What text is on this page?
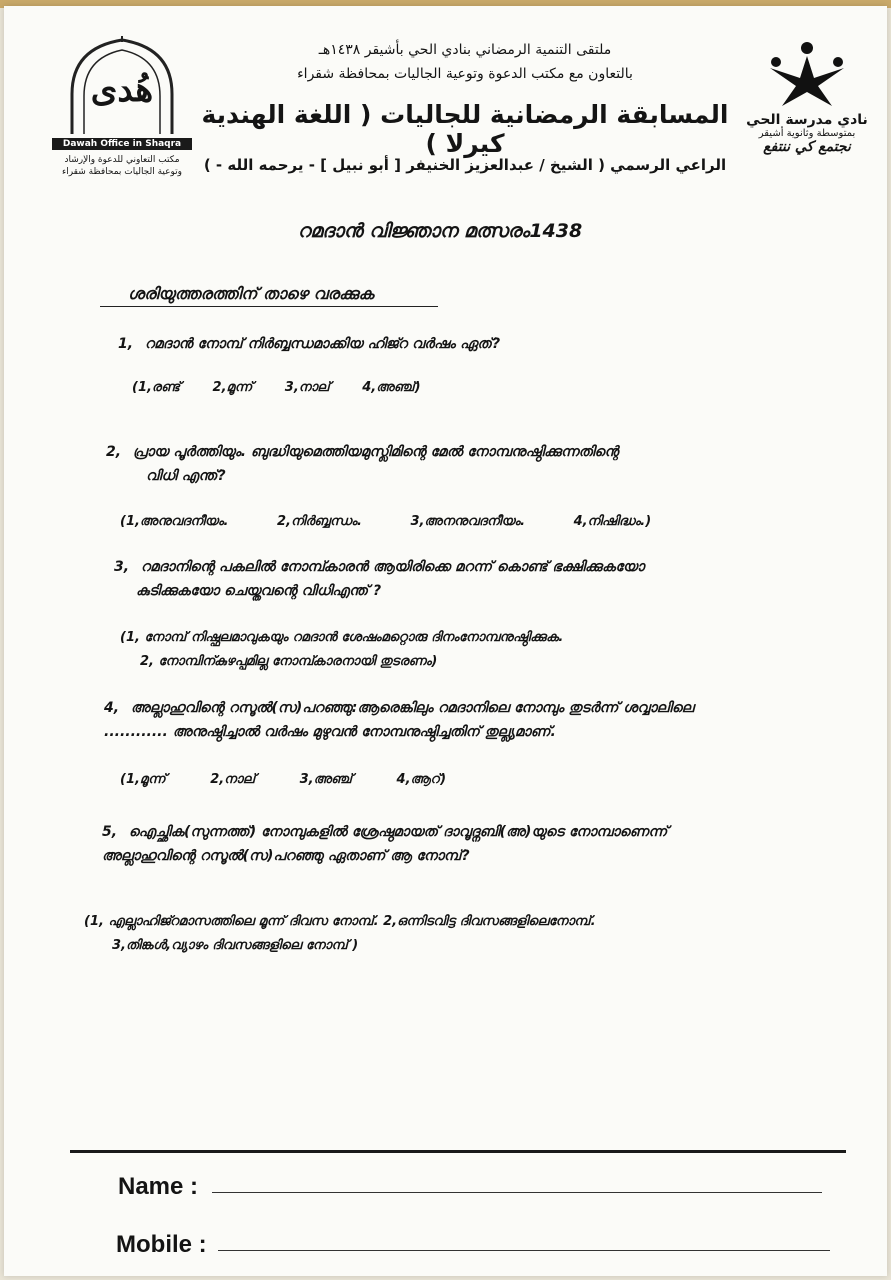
هُدى
Dawah Office in Shaqra
مكتب التعاوني للدعوة والإرشاد
وتوعية الجاليات بمحافظة شقراء
نادي مدرسة الحي
بمتوسطة وثانوية أشيقر
نجتمع كي ننتفع
ملتقى التنمية الرمضاني بنادي الحي بأشيقر ١٤٣٨هـ
بالتعاون مع مكتب الدعوة وتوعية الجاليات بمحافظة شقراء
المسابقة الرمضانية للجاليات ( اللغة الهندية كيرلا )
الراعي الرسمي ( الشيخ / عبدالعزيز الخنيفر [ أبو نبيل ] - يرحمه الله - )
റമദാൻ വിജ്ഞാന മത്സരം1438
ശരിയുത്തരത്തിന് താഴെ വരക്കുക
1, റമദാൻ നോമ്പ് നിർബ്ബന്ധമാക്കിയ ഹിജ്റ വർഷം ഏത്?
(1,രണ്ട്	2,മൂന്ന്	3,നാല്	4,അഞ്ച്)
2, പ്രായ പൂർത്തിയും. ബുദ്ധിയുമെത്തിയമുസ്ലിമിന്റെ മേൽ നോമ്പനുഷ്ഠിക്കുന്നതിന്റെ
വിധി എന്ത്?
(1,അനുവദനീയം.	2,നിർബ്ബന്ധം.	3,അനനുവദനീയം.	4,നിഷിദ്ധം.)
3, റമദാനിന്റെ പകലിൽ നോമ്പ്കാരൻ ആയിരിക്കെ മറന്ന് കൊണ്ട് ഭക്ഷിക്കുകയോ
കുടിക്കുകയോ ചെയ്തവന്റെ വിധിഎന്ത് ?
(1, നോമ്പ് നിഷ്ഫലമാവുകയും റമദാൻ ശേഷംമറ്റൊരു ദിനംനോമ്പനുഷ്ഠിക്കുക.
2, നോമ്പിന്കുഴപ്പമില്ല നോമ്പ്കാരനായി തുടരണം)
4, അല്ലാഹുവിന്റെ റസൂൽ(സ)പറഞ്ഞു:ആരെങ്കിലും റമദാനിലെ നോമ്പും തുടർന്ന് ശവ്വാലിലെ
............ അനുഷ്ഠിച്ചാൽ വർഷം മുഴുവൻ നോമ്പനുഷ്ഠിച്ചതിന് തുല്ല്യമാണ്.
(1,മൂന്ന്	2,നാല്	3,അഞ്ച്	4,ആറ്)
5, ഐച്ഛിക(സുന്നത്ത്) നോമ്പുകളിൽ ശ്രേഷ്ഠമായത് ദാവൂദ്നബി(അ)യുടെ നോമ്പാണെന്ന്
അല്ലാഹുവിന്റെ റസൂൽ(സ)പറഞ്ഞു ഏതാണ് ആ നോമ്പ്?
(1, എല്ലാഹിജ്റമാസത്തിലെ മൂന്ന് ദിവസ നോമ്പ്. 2,ഒന്നിടവിട്ട ദിവസങ്ങളിലെനോമ്പ്.
3,തിങ്കൾ,വ്യാഴം ദിവസങ്ങളിലെ നോമ്പ് )
Name :
Mobile :
